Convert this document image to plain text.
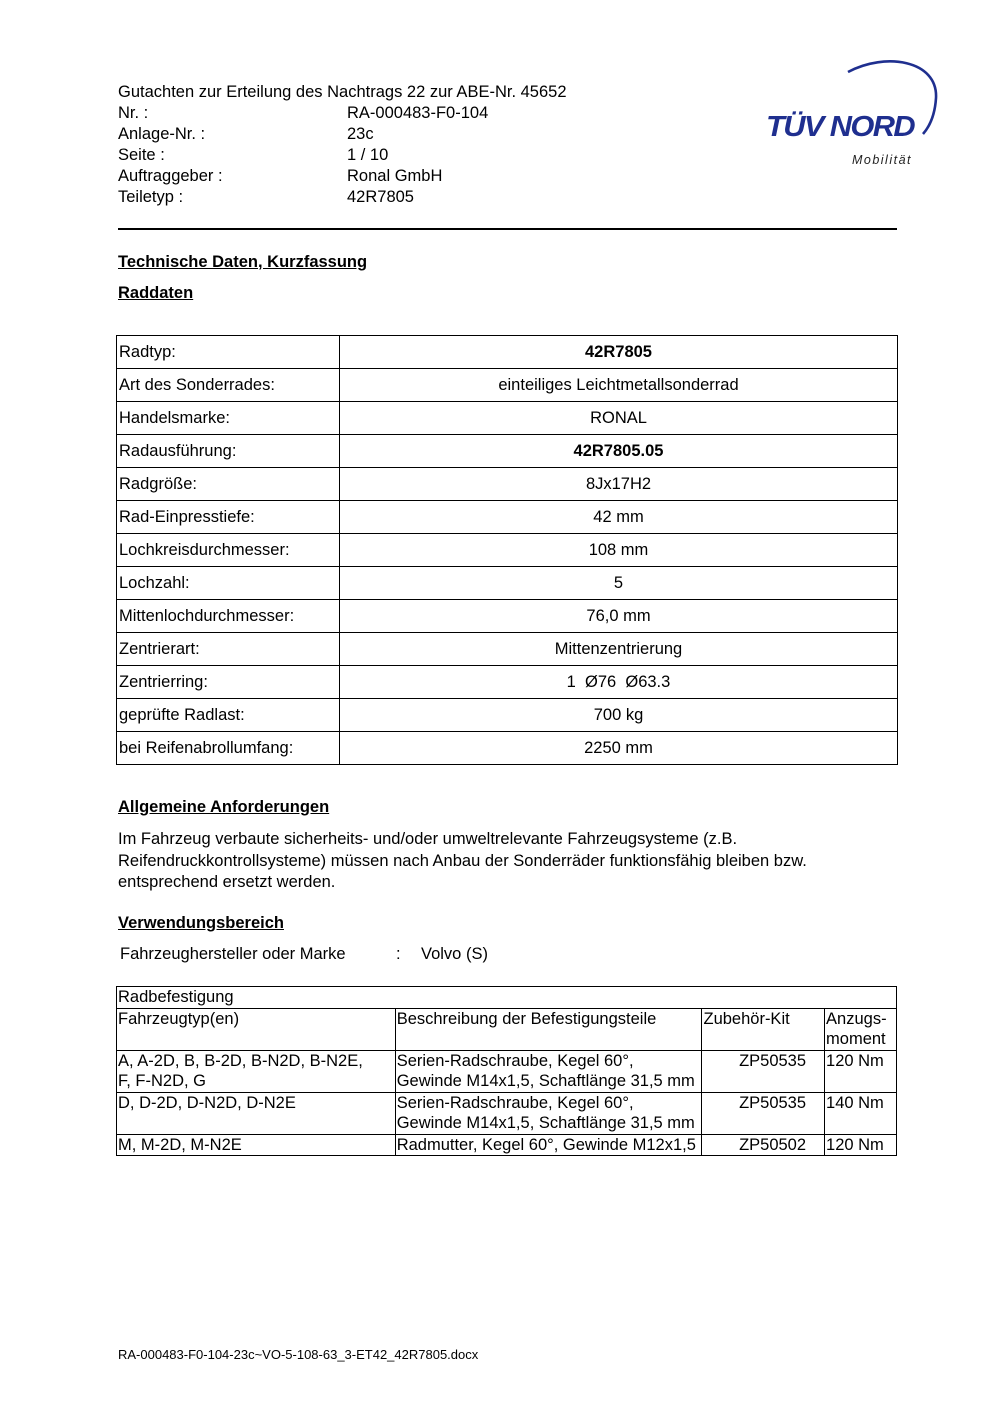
Gutachten zur Erteilung des Nachtrags 22 zur ABE-Nr. 45652
Nr. :	RA-000483-F0-104
Anlage-Nr. :	23c
Seite :	1 / 10
Auftraggeber :	Ronal GmbH
Teiletyp :	42R7805
TÜV NORD
Mobilität
Technische Daten, Kurzfassung
Raddaten
Radtyp:	42R7805
Art des Sonderrades:	einteiliges Leichtmetallsonderrad
Handelsmarke:	RONAL
Radausführung:	42R7805.05
Radgröße:	8Jx17H2
Rad-Einpresstiefe:	42 mm
Lochkreisdurchmesser:	108 mm
Lochzahl:	5
Mittenlochdurchmesser:	76,0 mm
Zentrierart:	Mittenzentrierung
Zentrierring:	1  Ø76  Ø63.3
geprüfte Radlast:	700 kg
bei Reifenabrollumfang:	2250 mm
Allgemeine Anforderungen
Im Fahrzeug verbaute sicherheits- und/oder umweltrelevante Fahrzeugsysteme (z.B. Reifendruckkontrollsysteme) müssen nach Anbau der Sonderräder funktionsfähig bleiben bzw. entsprechend ersetzt werden.
Verwendungsbereich
Fahrzeughersteller oder Marke	: Volvo (S)
Radbefestigung			
Fahrzeugtyp(en)	Beschreibung der Befestigungsteile	Zubehör-Kit	Anzugs-
moment
A, A-2D, B, B-2D, B-N2D, B-N2E, F, F-N2D, G	Serien-Radschraube, Kegel 60°, Gewinde M14x1,5, Schaftlänge 31,5 mm	ZP50535	120 Nm
D, D-2D, D-N2D, D-N2E	Serien-Radschraube, Kegel 60°, Gewinde M14x1,5, Schaftlänge 31,5 mm	ZP50535	140 Nm
M, M-2D, M-N2E	Radmutter, Kegel 60°, Gewinde M12x1,5	ZP50502	120 Nm
RA-000483-F0-104-23c~VO-5-108-63_3-ET42_42R7805.docx
